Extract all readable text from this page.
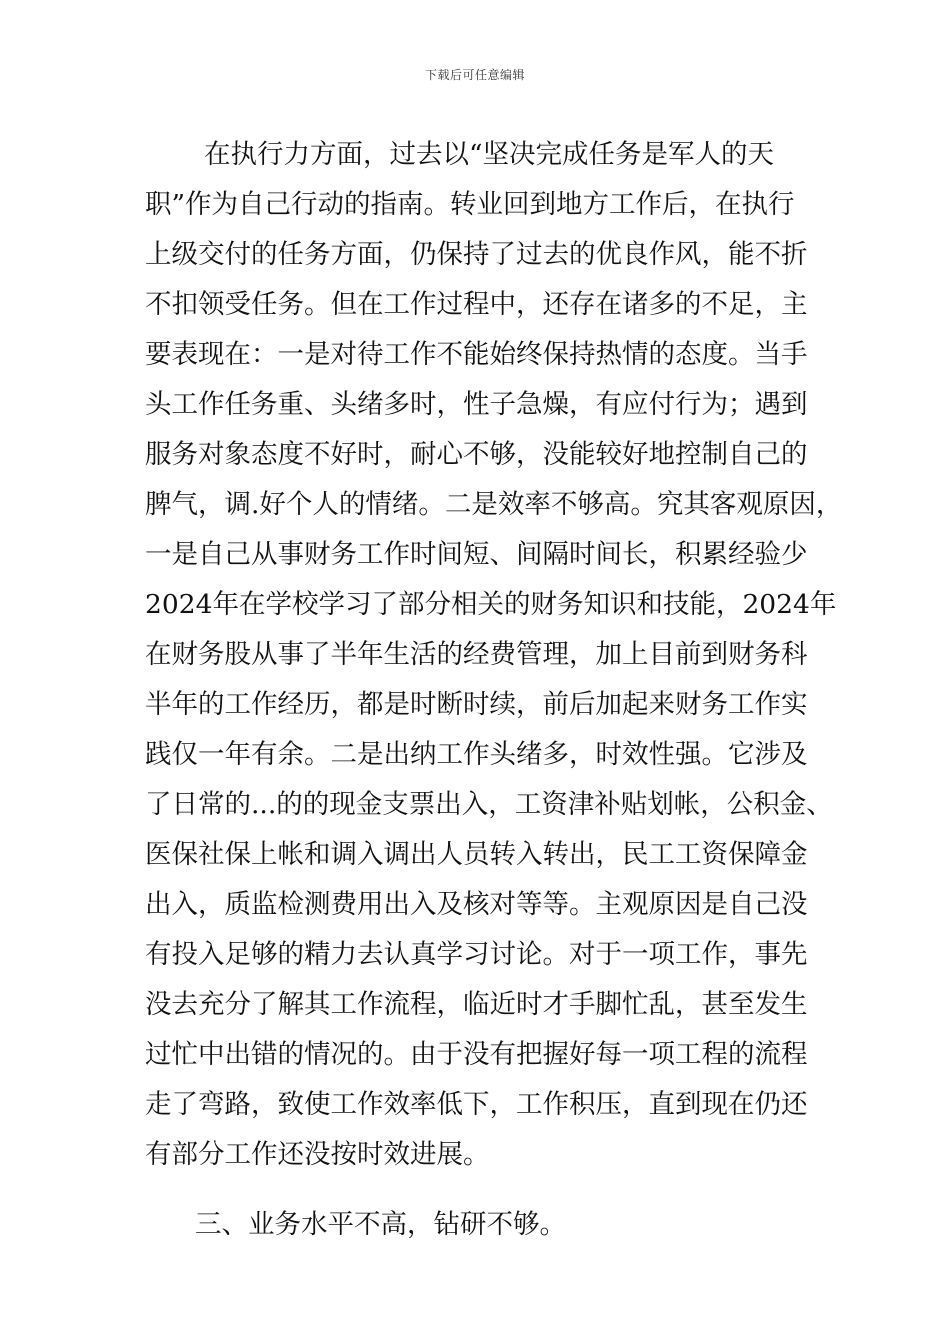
下载后可任意编辑
在执行力方面，过去以“坚决完成任务是军人的天
职”作为自己行动的指南。转业回到地方工作后，在执行
上级交付的任务方面，仍保持了过去的优良作风，能不折
不扣领受任务。但在工作过程中，还存在诸多的不足，主
要表现在：一是对待工作不能始终保持热情的态度。当手
头工作任务重、头绪多时，性子急燥，有应付行为；遇到
服务对象态度不好时，耐心不够，没能较好地控制自己的
脾气，调.好个人的情绪。二是效率不够高。究其客观原因，
一是自己从事财务工作时间短、间隔时间长，积累经验少
2024年在学校学习了部分相关的财务知识和技能，2024年
在财务股从事了半年生活的经费管理，加上目前到财务科
半年的工作经历，都是时断时续，前后加起来财务工作实
践仅一年有余。二是出纳工作头绪多，时效性强。它涉及
了日常的...的的现金支票出入，工资津补贴划帐，公积金、
医保社保上帐和调入调出人员转入转出，民工工资保障金
出入，质监检测费用出入及核对等等。主观原因是自己没
有投入足够的精力去认真学习讨论。对于一项工作，事先
没去充分了解其工作流程，临近时才手脚忙乱，甚至发生
过忙中出错的情况的。由于没有把握好每一项工程的流程
走了弯路，致使工作效率低下，工作积压，直到现在仍还
有部分工作还没按时效进展。
三、业务水平不高，钻研不够。
